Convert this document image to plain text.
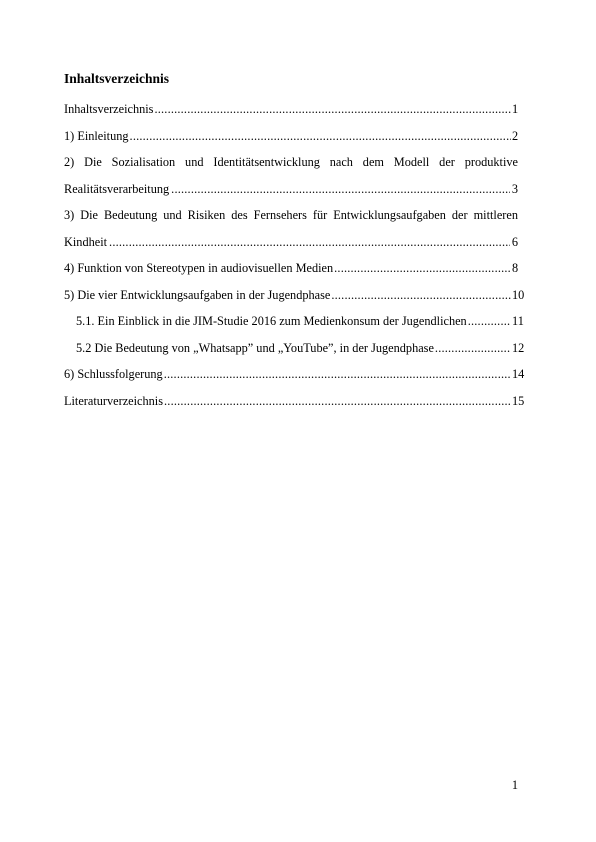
Inhaltsverzeichnis
Inhaltsverzeichnis .....	1
1) Einleitung .....	2
2) Die Sozialisation und Identitätsentwicklung nach dem Modell der produktive
Realitätsverarbeitung .....	3
3) Die Bedeutung und Risiken des Fernsehers für Entwicklungsaufgaben der mittleren
Kindheit .....	6
4) Funktion von Stereotypen in audiovisuellen Medien .....	8
5) Die vier Entwicklungsaufgaben in der Jugendphase .....	10
5.1. Ein Einblick in die JIM-Studie 2016 zum Medienkonsum der Jugendlichen .....	11
5.2 Die Bedeutung von „Whatsapp” und „YouTube”, in der Jugendphase .....	12
6) Schlussfolgerung .....	14
Literaturverzeichnis .....	15
1
